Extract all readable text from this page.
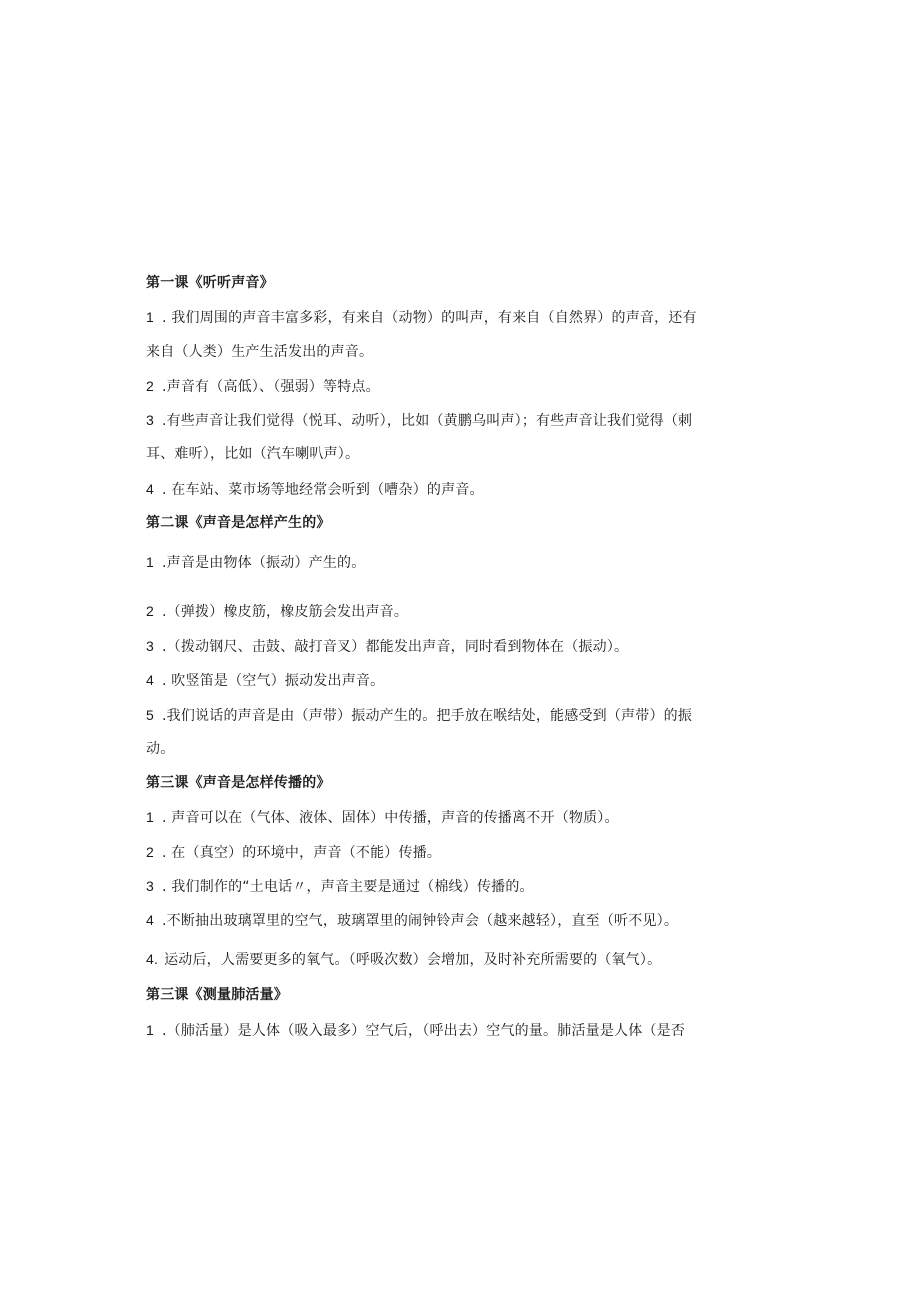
第一课《听听声音》
1 . 我们周围的声音丰富多彩，有来自（动物）的叫声，有来自（自然界）的声音，还有
来自（人类）生产生活发出的声音。
2 .声音有（高低）、（强弱）等特点。
3 .有些声音让我们觉得（悦耳、动听），比如（黄鹏乌叫声）；有些声音让我们觉得（刺
耳、难听），比如（汽车喇叭声）。
4 . 在车站、菜市场等地经常会听到（嘈杂）的声音。
第二课《声音是怎样产生的》
1 .声音是由物体（振动）产生的。
2 .（弹拨）橡皮筋，橡皮筋会发出声音。
3 .（拨动钢尺、击鼓、敲打音叉）都能发出声音，同时看到物体在（振动）。
4 . 吹竖笛是（空气）振动发出声音。
5 .我们说话的声音是由（声带）振动产生的。把手放在喉结处，能感受到（声带）的振
动。
第三课《声音是怎样传播的》
1 . 声音可以在（气体、液体、固体）中传播，声音的传播离不开（物质）。
2 . 在（真空）的环境中，声音（不能）传播。
3 . 我们制作的“土电话〃，声音主要是通过（棉线）传播的。
4 .不断抽出玻璃罩里的空气，玻璃罩里的闹钟铃声会（越来越轻），直至（听不见）。
4. 运动后，人需要更多的氧气。（呼吸次数）会增加，及时补充所需要的（氧气）。
第三课《测量肺活量》
1 .（肺活量）是人体（吸入最多）空气后，（呼出去）空气的量。肺活量是人体（是否
